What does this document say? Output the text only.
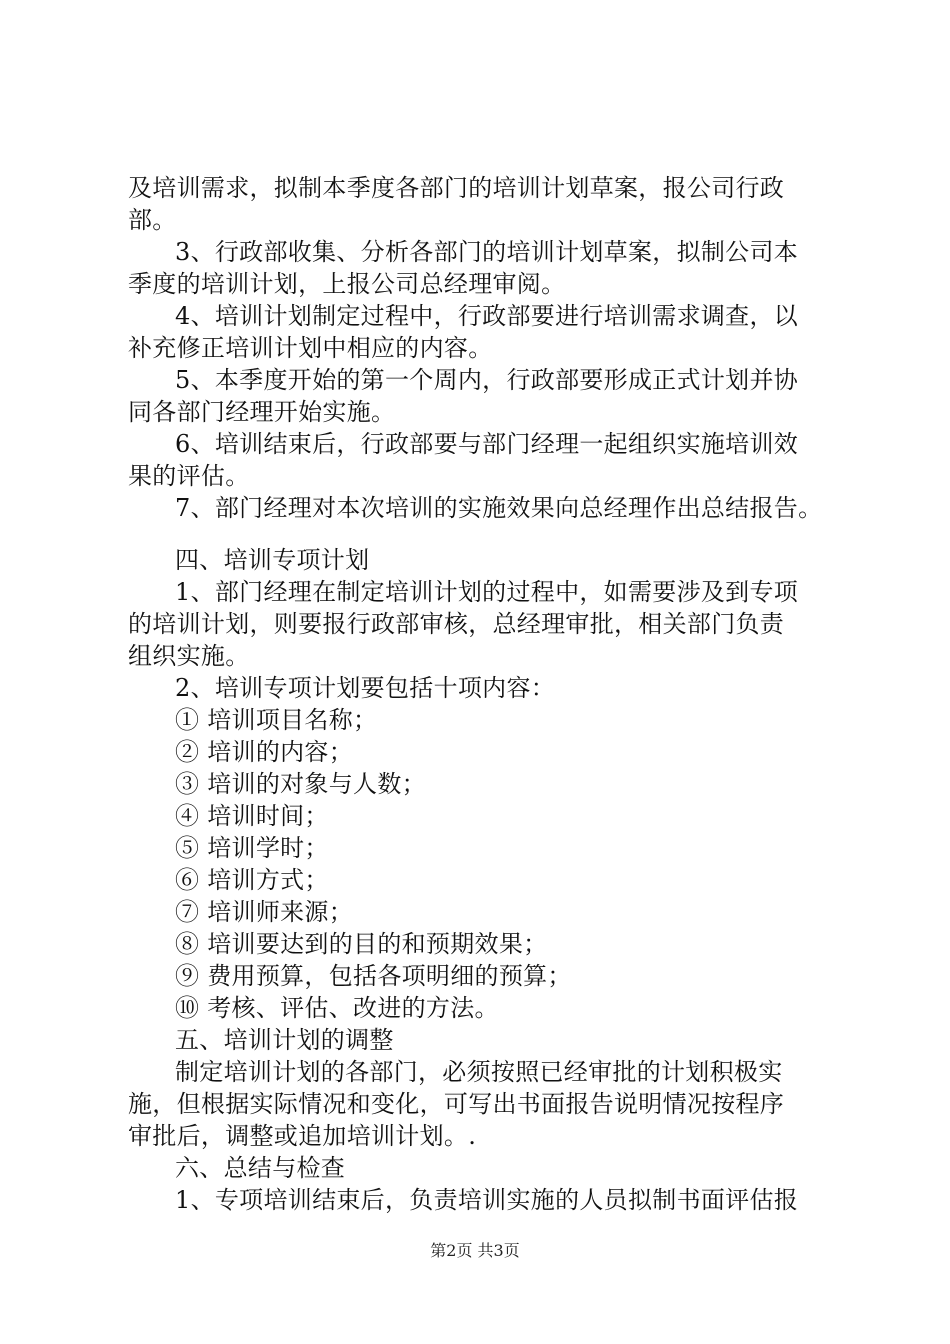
及培训需求，拟制本季度各部门的培训计划草案，报公司行政
部。
3、行政部收集、分析各部门的培训计划草案，拟制公司本
季度的培训计划，上报公司总经理审阅。
4、培训计划制定过程中，行政部要进行培训需求调查，以
补充修正培训计划中相应的内容。
5、本季度开始的第一个周内，行政部要形成正式计划并协
同各部门经理开始实施。
6、培训结束后，行政部要与部门经理一起组织实施培训效
果的评估。
7、部门经理对本次培训的实施效果向总经理作出总结报告。
四、培训专项计划
1、部门经理在制定培训计划的过程中，如需要涉及到专项
的培训计划，则要报行政部审核，总经理审批，相关部门负责
组织实施。
2、培训专项计划要包括十项内容：
① 培训项目名称；
② 培训的内容；
③ 培训的对象与人数；
④ 培训时间；
⑤ 培训学时；
⑥ 培训方式；
⑦ 培训师来源；
⑧ 培训要达到的目的和预期效果；
⑨ 费用预算，包括各项明细的预算；
⑩ 考核、评估、改进的方法。
五、培训计划的调整
制定培训计划的各部门，必须按照已经审批的计划积极实
施，但根据实际情况和变化，可写出书面报告说明情况按程序
审批后，调整或追加培训计划。.
六、总结与检查
1、专项培训结束后，负责培训实施的人员拟制书面评估报
第2页 共3页
